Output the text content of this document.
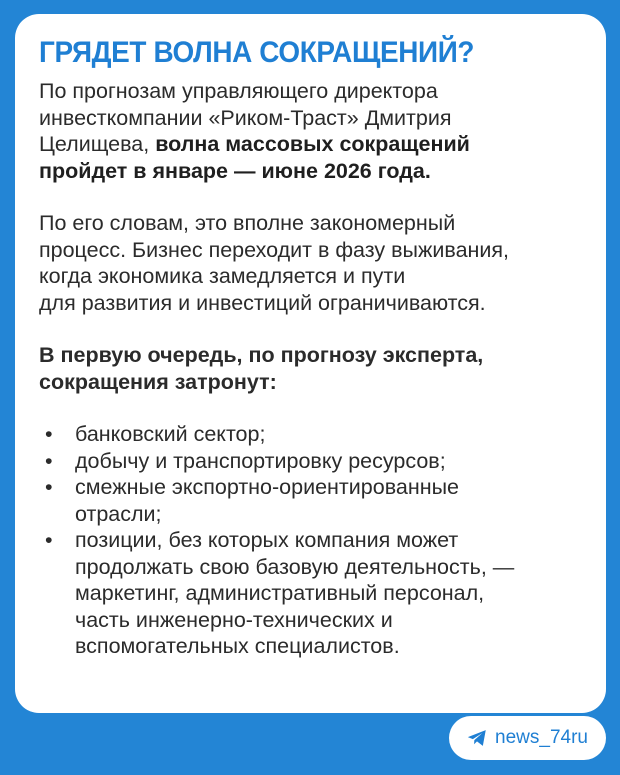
ГРЯДЕТ ВОЛНА СОКРАЩЕНИЙ?
По прогнозам управляющего директора
инвесткомпании «Риком-Траст» Дмитрия
Целищева, волна массовых сокращений
пройдет в январе — июне 2026 года.
По его словам, это вполне закономерный
процесс. Бизнес переходит в фазу выживания,
когда экономика замедляется и пути
для развития и инвестиций ограничиваются.
В первую очередь, по прогнозу эксперта,
сокращения затронут:
• банковский сектор;
• добычу и транспортировку ресурсов;
• смежные экспортно-ориентированные
отрасли;
• позиции, без которых компания может
продолжать свою базовую деятельность, —
маркетинг, административный персонал,
часть инженерно-технических и
вспомогательных специалистов.
news_74ru
